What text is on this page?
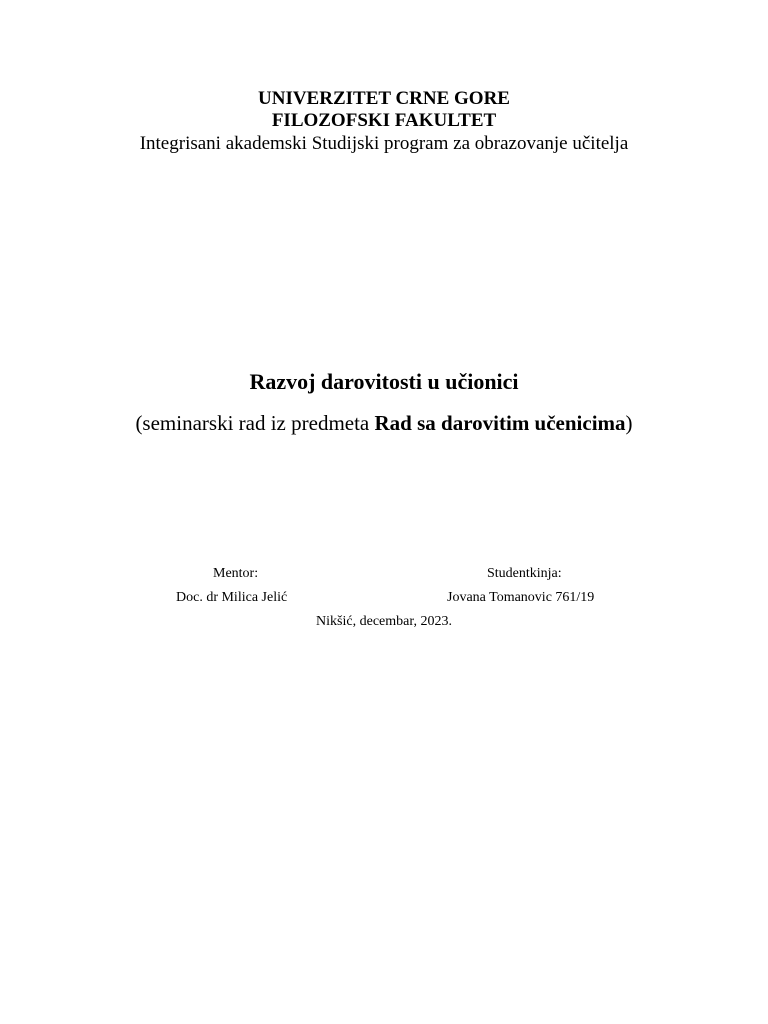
UNIVERZITET CRNE GORE
FILOZOFSKI FAKULTET
Integrisani akademski Studijski program za obrazovanje učitelja
Razvoj darovitosti u učionici
(seminarski rad iz predmeta Rad sa darovitim učenicima)
Mentor:
Doc. dr Milica Jelić
Studentkinja:
Jovana Tomanovic 761/19
Nikšić, decembar, 2023.
